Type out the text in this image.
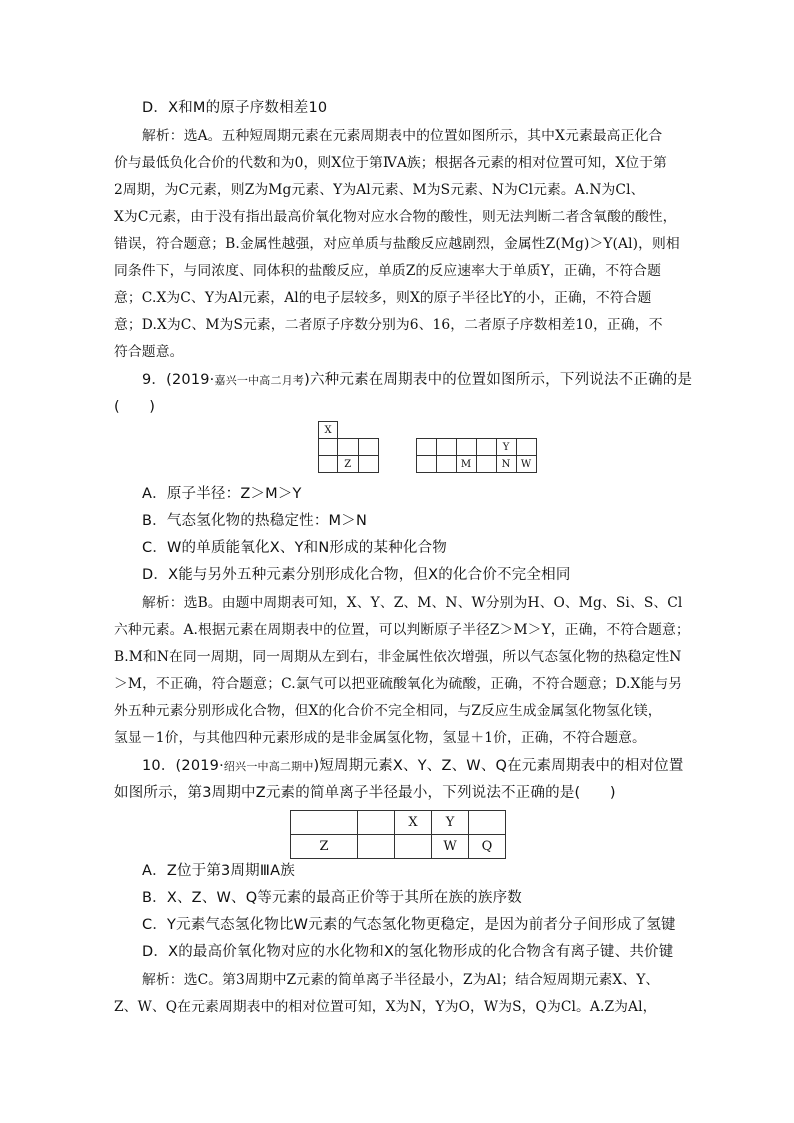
D．X和M的原子序数相差10
解析：选A。五种短周期元素在元素周期表中的位置如图所示，其中X元素最高正化合
价与最低负化合价的代数和为0，则X位于第ⅣA族；根据各元素的相对位置可知，X位于第
2周期，为C元素，则Z为Mg元素、Y为Al元素、M为S元素、N为Cl元素。A.N为Cl、
X为C元素，由于没有指出最高价氧化物对应水合物的酸性，则无法判断二者含氧酸的酸性，
错误，符合题意；B.金属性越强，对应单质与盐酸反应越剧烈，金属性Z(Mg)＞Y(Al)，则相
同条件下，与同浓度、同体积的盐酸反应，单质Z的反应速率大于单质Y，正确，不符合题
意；C.X为C、Y为Al元素，Al的电子层较多，则X的原子半径比Y的小，正确，不符合题
意；D.X为C、M为S元素，二者原子序数分别为6、16，二者原子序数相差10，正确，不
符合题意。
9．(2019·嘉兴一中高二月考)六种元素在周期表中的位置如图所示，下列说法不正确的是
(　　)
X										
								Y		
	Z					M		N	W	
A．原子半径：Z＞M＞Y
B．气态氢化物的热稳定性：M＞N
C．W的单质能氧化X、Y和N形成的某种化合物
D．X能与另外五种元素分别形成化合物，但X的化合价不完全相同
解析：选B。由题中周期表可知，X、Y、Z、M、N、W分别为H、O、Mg、Si、S、Cl
六种元素。A.根据元素在周期表中的位置，可以判断原子半径Z＞M＞Y，正确，不符合题意；
B.M和N在同一周期，同一周期从左到右，非金属性依次增强，所以气态氢化物的热稳定性N
＞M，不正确，符合题意；C.氯气可以把亚硫酸氧化为硫酸，正确，不符合题意；D.X能与另
外五种元素分别形成化合物，但X的化合价不完全相同，与Z反应生成金属氢化物氢化镁，
氢显－1价，与其他四种元素形成的是非金属氢化物，氢显＋1价，正确，不符合题意。
10．(2019·绍兴一中高二期中)短周期元素X、Y、Z、W、Q在元素周期表中的相对位置
如图所示，第3周期中Z元素的简单离子半径最小，下列说法不正确的是(　　)
		X	Y	
Z			W	Q
A．Z位于第3周期ⅢA族
B．X、Z、W、Q等元素的最高正价等于其所在族的族序数
C．Y元素气态氢化物比W元素的气态氢化物更稳定，是因为前者分子间形成了氢键
D．X的最高价氧化物对应的水化物和X的氢化物形成的化合物含有离子键、共价键
解析：选C。第3周期中Z元素的简单离子半径最小，Z为Al；结合短周期元素X、Y、
Z、W、Q在元素周期表中的相对位置可知，X为N，Y为O，W为S，Q为Cl。A.Z为Al，
